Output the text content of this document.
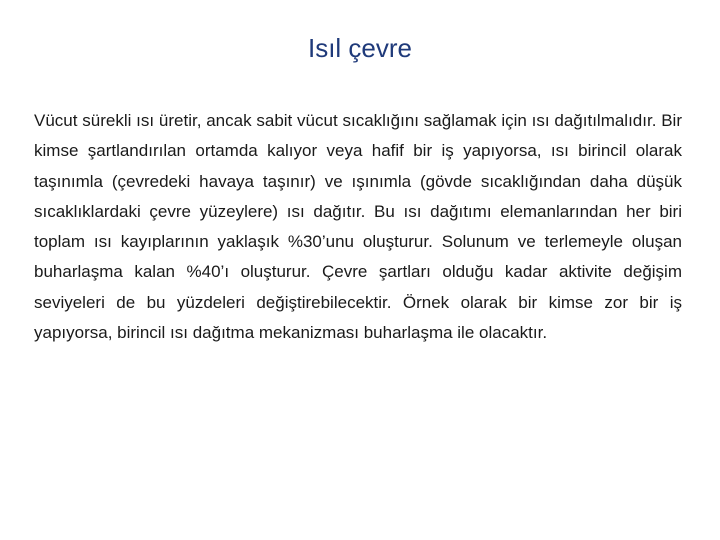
Isıl çevre

Vücut sürekli ısı üretir, ancak sabit vücut sıcaklığını sağlamak için ısı dağıtılmalıdır. Bir kimse şartlandırılan ortamda kalıyor veya hafif bir iş yapıyorsa, ısı birincil olarak taşınımla (çevredeki havaya taşınır) ve ışınımla (gövde sıcaklığından daha düşük sıcaklıklardaki çevre yüzeylere) ısı dağıtır. Bu ısı dağıtımı elemanlarından her biri toplam ısı kayıplarının yaklaşık %30’unu oluşturur. Solunum ve terlemeyle oluşan buharlaşma kalan %40’ı oluşturur. Çevre şartları olduğu kadar aktivite değişim seviyeleri de bu yüzdeleri değiştirebilecektir. Örnek olarak bir kimse zor bir iş yapıyorsa, birincil ısı dağıtma mekanizması buharlaşma ile olacaktır.
